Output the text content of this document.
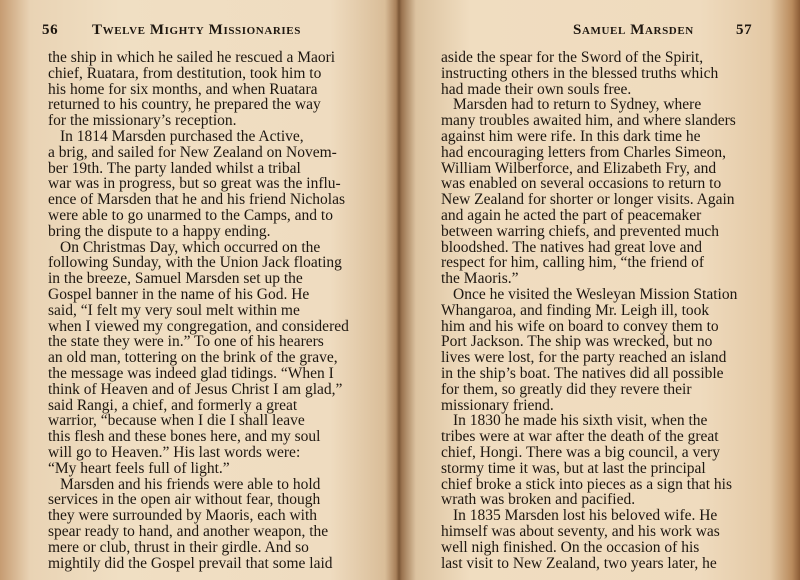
56 Twelve Mighty Missionaries
the ship in which he sailed he rescued a Maori
chief, Ruatara, from destitution, took him to
his home for six months, and when Ruatara
returned to his country, he prepared the way
for the missionary’s reception.
In 1814 Marsden purchased the Active,
a brig, and sailed for New Zealand on Novem-
ber 19th. The party landed whilst a tribal
war was in progress, but so great was the influ-
ence of Marsden that he and his friend Nicholas
were able to go unarmed to the Camps, and to
bring the dispute to a happy ending.
On Christmas Day, which occurred on the
following Sunday, with the Union Jack floating
in the breeze, Samuel Marsden set up the
Gospel banner in the name of his God. He
said, “I felt my very soul melt within me
when I viewed my congregation, and considered
the state they were in.” To one of his hearers
an old man, tottering on the brink of the grave,
the message was indeed glad tidings. “When I
think of Heaven and of Jesus Christ I am glad,”
said Rangi, a chief, and formerly a great
warrior, “because when I die I shall leave
this flesh and these bones here, and my soul
will go to Heaven.” His last words were:
“My heart feels full of light.”
Marsden and his friends were able to hold
services in the open air without fear, though
they were surrounded by Maoris, each with
spear ready to hand, and another weapon, the
mere or club, thrust in their girdle. And so
mightily did the Gospel prevail that some laid
Samuel Marsden	57
aside the spear for the Sword of the Spirit,
instructing others in the blessed truths which
had made their own souls free.
Marsden had to return to Sydney, where
many troubles awaited him, and where slanders
against him were rife. In this dark time he
had encouraging letters from Charles Simeon,
William Wilberforce, and Elizabeth Fry, and
was enabled on several occasions to return to
New Zealand for shorter or longer visits. Again
and again he acted the part of peacemaker
between warring chiefs, and prevented much
bloodshed. The natives had great love and
respect for him, calling him, “the friend of
the Maoris.”
Once he visited the Wesleyan Mission Station
Whangaroa, and finding Mr. Leigh ill, took
him and his wife on board to convey them to
Port Jackson. The ship was wrecked, but no
lives were lost, for the party reached an island
in the ship’s boat. The natives did all possible
for them, so greatly did they revere their
missionary friend.
In 1830 he made his sixth visit, when the
tribes were at war after the death of the great
chief, Hongi. There was a big council, a very
stormy time it was, but at last the principal
chief broke a stick into pieces as a sign that his
wrath was broken and pacified.
In 1835 Marsden lost his beloved wife. He
himself was about seventy, and his work was
well nigh finished. On the occasion of his
last visit to New Zealand, two years later, he
